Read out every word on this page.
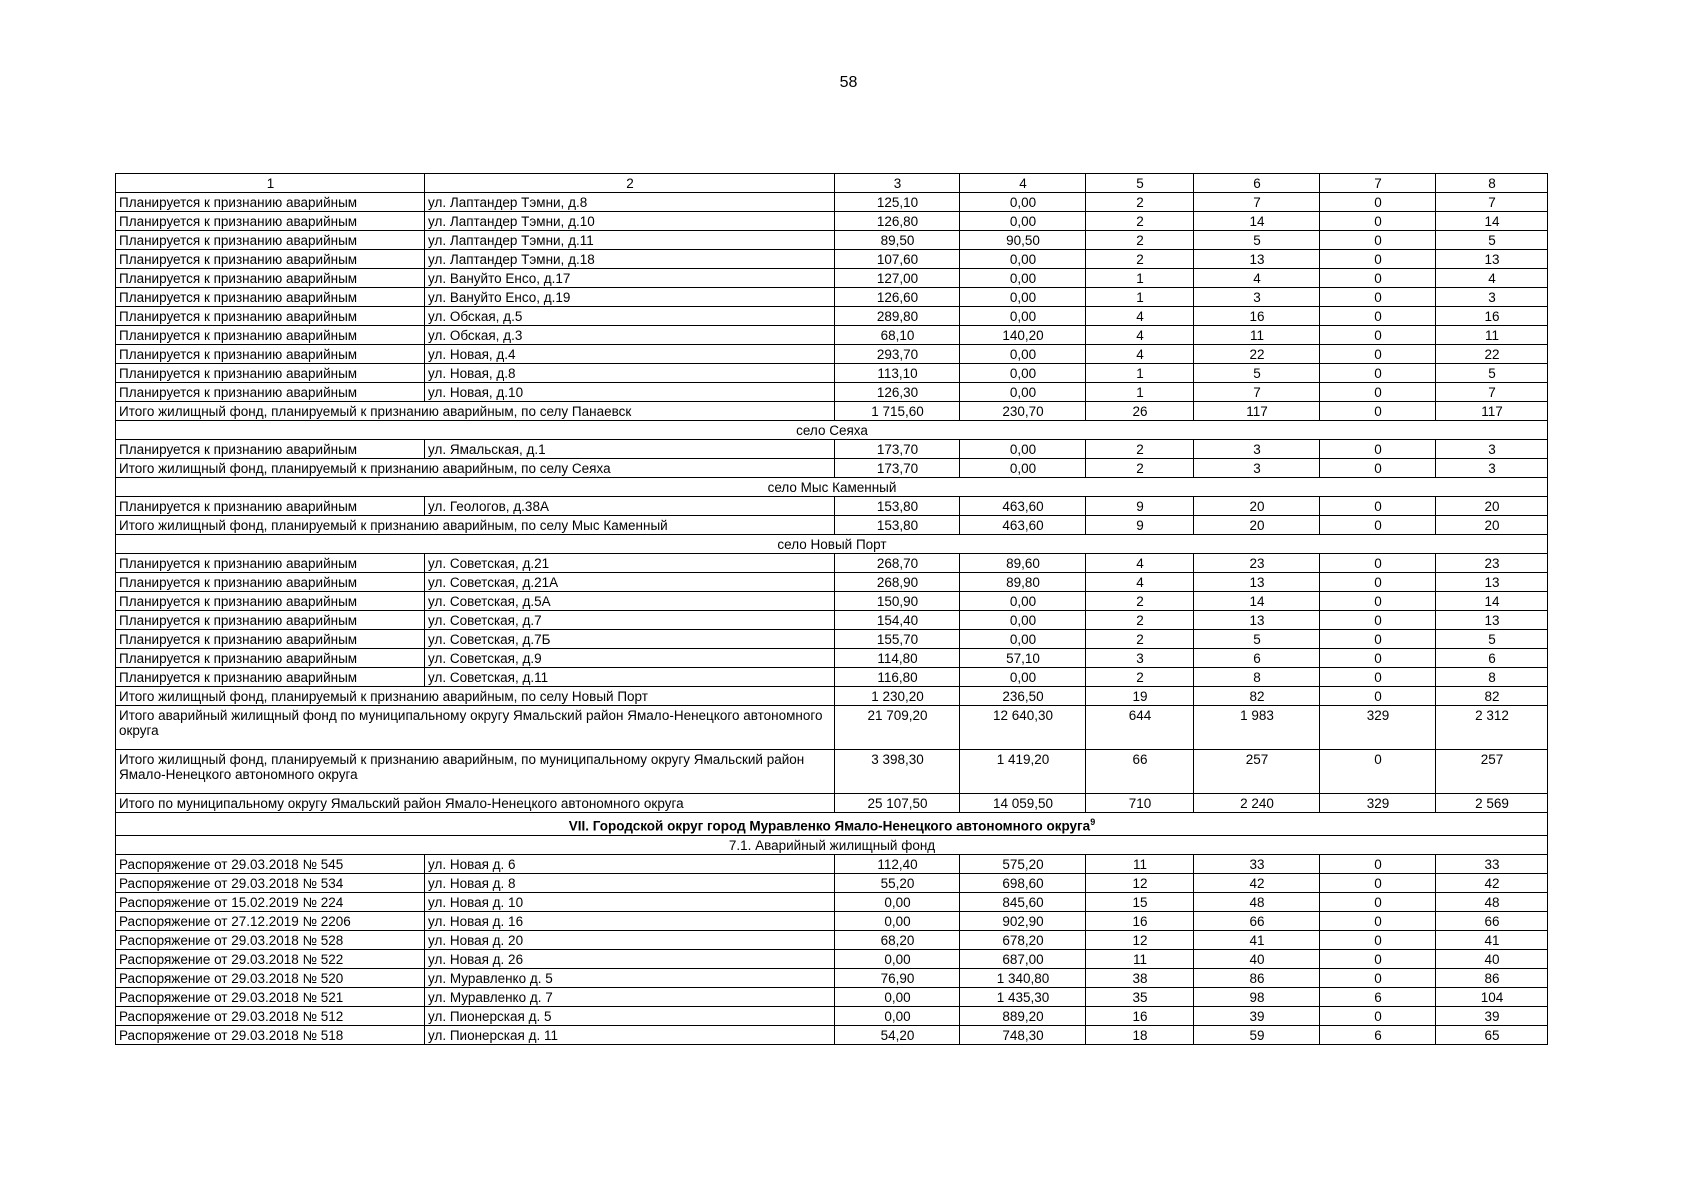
58
1	2	3	4	5	6	7	8
Планируется к признанию аварийным	ул. Лаптандер Тэмни, д.8	125,10	0,00	2	7	0	7
Планируется к признанию аварийным	ул. Лаптандер Тэмни, д.10	126,80	0,00	2	14	0	14
Планируется к признанию аварийным	ул. Лаптандер Тэмни, д.11	89,50	90,50	2	5	0	5
Планируется к признанию аварийным	ул. Лаптандер Тэмни, д.18	107,60	0,00	2	13	0	13
Планируется к признанию аварийным	ул. Вануйто Енсо, д.17	127,00	0,00	1	4	0	4
Планируется к признанию аварийным	ул. Вануйто Енсо, д.19	126,60	0,00	1	3	0	3
Планируется к признанию аварийным	ул. Обская, д.5	289,80	0,00	4	16	0	16
Планируется к признанию аварийным	ул. Обская, д.3	68,10	140,20	4	11	0	11
Планируется к признанию аварийным	ул. Новая, д.4	293,70	0,00	4	22	0	22
Планируется к признанию аварийным	ул. Новая, д.8	113,10	0,00	1	5	0	5
Планируется к признанию аварийным	ул. Новая, д.10	126,30	0,00	1	7	0	7
Итого жилищный фонд, планируемый к признанию аварийным, по селу Панаевск		1 715,60	230,70	26	117	0	117
село Сеяха							
Планируется к признанию аварийным	ул. Ямальская, д.1	173,70	0,00	2	3	0	3
Итого жилищный фонд, планируемый к признанию аварийным, по селу Сеяха		173,70	0,00	2	3	0	3
село Мыс Каменный							
Планируется к признанию аварийным	ул. Геологов, д.38А	153,80	463,60	9	20	0	20
Итого жилищный фонд, планируемый к признанию аварийным, по селу Мыс Каменный		153,80	463,60	9	20	0	20
село Новый Порт							
Планируется к признанию аварийным	ул. Советская, д.21	268,70	89,60	4	23	0	23
Планируется к признанию аварийным	ул. Советская, д.21А	268,90	89,80	4	13	0	13
Планируется к признанию аварийным	ул. Советская, д.5А	150,90	0,00	2	14	0	14
Планируется к признанию аварийным	ул. Советская, д.7	154,40	0,00	2	13	0	13
Планируется к признанию аварийным	ул. Советская, д.7Б	155,70	0,00	2	5	0	5
Планируется к признанию аварийным	ул. Советская, д.9	114,80	57,10	3	6	0	6
Планируется к признанию аварийным	ул. Советская, д.11	116,80	0,00	2	8	0	8
Итого жилищный фонд, планируемый к признанию аварийным, по селу Новый Порт		1 230,20	236,50	19	82	0	82
Итого аварийный жилищный фонд по муниципальному округу Ямальский район Ямало-Ненецкого автономного округа		21 709,20	12 640,30	644	1 983	329	2 312
Итого жилищный фонд, планируемый к признанию аварийным, по муниципальному округу Ямальский район Ямало-Ненецкого автономного округа		3 398,30	1 419,20	66	257	0	257
Итого по муниципальному округу Ямальский район Ямало-Ненецкого автономного округа		25 107,50	14 059,50	710	2 240	329	2 569
VII. Городской округ город Муравленко Ямало-Ненецкого автономного округа$^9$
7.1. Аварийный жилищный фонд							
Распоряжение от 29.03.2018 № 545	ул. Новая д. 6	112,40	575,20	11	33	0	33
Распоряжение от 29.03.2018 № 534	ул. Новая д. 8	55,20	698,60	12	42	0	42
Распоряжение от 15.02.2019 № 224	ул. Новая д. 10	0,00	845,60	15	48	0	48
Распоряжение от 27.12.2019 № 2206	ул. Новая д. 16	0,00	902,90	16	66	0	66
Распоряжение от 29.03.2018 № 528	ул. Новая д. 20	68,20	678,20	12	41	0	41
Распоряжение от 29.03.2018 № 522	ул. Новая д. 26	0,00	687,00	11	40	0	40
Распоряжение от 29.03.2018 № 520	ул. Муравленко д. 5	76,90	1 340,80	38	86	0	86
Распоряжение от 29.03.2018 № 521	ул. Муравленко д. 7	0,00	1 435,30	35	98	6	104
Распоряжение от 29.03.2018 № 512	ул. Пионерская д. 5	0,00	889,20	16	39	0	39
Распоряжение от 29.03.2018 № 518	ул. Пионерская д. 11	54,20	748,30	18	59	6	65
